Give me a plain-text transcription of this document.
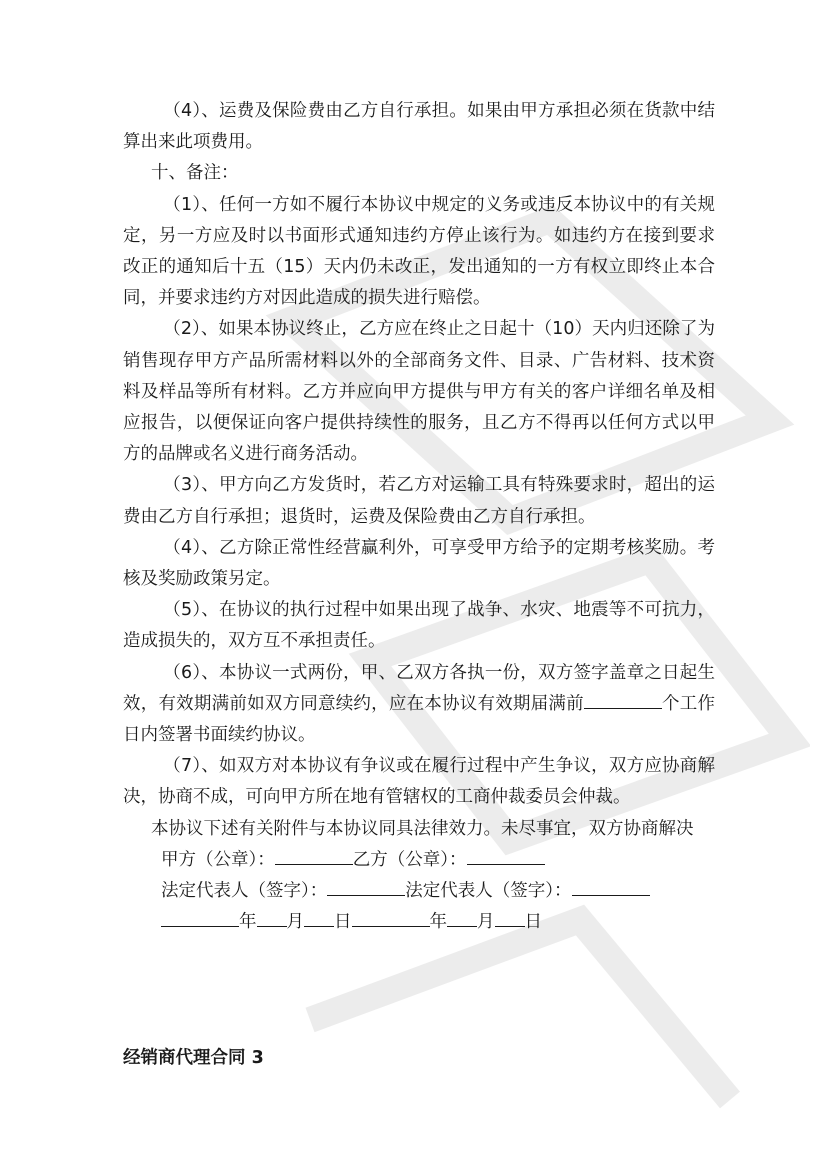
（4）、运费及保险费由乙方自行承担。如果由甲方承担必须在货款中结算出来此项费用。

十、备注：

（1）、任何一方如不履行本协议中规定的义务或违反本协议中的有关规定，另一方应及时以书面形式通知违约方停止该行为。如违约方在接到要求改正的通知后十五（15）天内仍未改正，发出通知的一方有权立即终止本合同，并要求违约方对因此造成的损失进行赔偿。

（2）、如果本协议终止，乙方应在终止之日起十（10）天内归还除了为销售现存甲方产品所需材料以外的全部商务文件、目录、广告材料、技术资料及样品等所有材料。乙方并应向甲方提供与甲方有关的客户详细名单及相应报告，以便保证向客户提供持续性的服务，且乙方不得再以任何方式以甲方的品牌或名义进行商务活动。

（3）、甲方向乙方发货时，若乙方对运输工具有特殊要求时，超出的运费由乙方自行承担；退货时，运费及保险费由乙方自行承担。

（4）、乙方除正常性经营赢利外，可享受甲方给予的定期考核奖励。考核及奖励政策另定。

（5）、在协议的执行过程中如果出现了战争、水灾、地震等不可抗力，造成损失的，双方互不承担责任。

（6）、本协议一式两份，甲、乙双方各执一份，双方签字盖章之日起生效，有效期满前如双方同意续约，应在本协议有效期届满前	个工作日内签署书面续约协议。

（7）、如双方对本协议有争议或在履行过程中产生争议，双方应协商解决，协商不成，可向甲方所在地有管辖权的工商仲裁委员会仲裁。

本协议下述有关附件与本协议同具法律效力。未尽事宜，双方协商解决

甲方（公章）：	乙方（公章）：

法定代表人（签字）：	法定代表人（签字）：

年 月 日	年 月 日

经销商代理合同 3
